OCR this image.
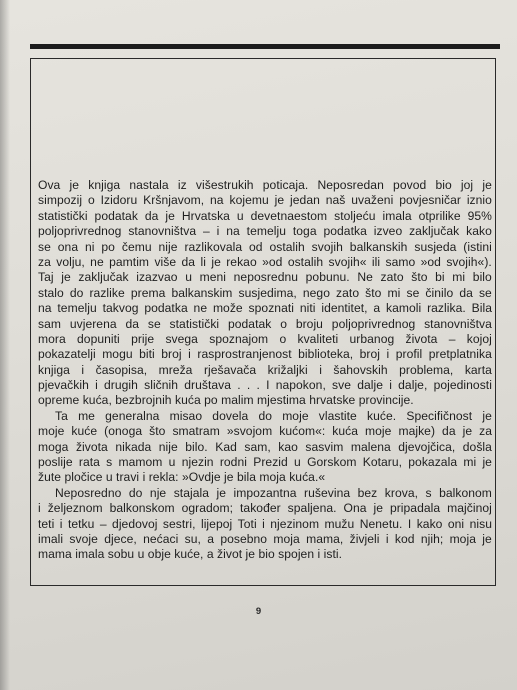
Ova je knjiga nastala iz višestrukih poticaja. Neposredan povod bio joj je
simpozij o Izidoru Kršnjavom, na kojemu je jedan naš uvaženi povjesničar iznio
statistički podatak da je Hrvatska u devetnaestom stoljeću imala otprilike 95%
poljoprivrednog stanovništva – i na temelju toga podatka izveo zaključak kako
se ona ni po čemu nije razlikovala od ostalih svojih balkanskih susjeda (istini
za volju, ne pamtim više da li je rekao »od ostalih svojih« ili samo »od svojih«).
Taj je zaključak izazvao u meni neposrednu pobunu. Ne zato što bi mi bilo
stalo do razlike prema balkanskim susjedima, nego zato što mi se činilo da se
na temelju takvog podatka ne može spoznati niti identitet, a kamoli razlika. Bila
sam uvjerena da se statistički podatak o broju poljoprivrednog stanovništva
mora dopuniti prije svega spoznajom o kvaliteti urbanog života – kojoj
pokazatelji mogu biti broj i rasprostranjenost biblioteka, broj i profil pretplatnika
knjiga i časopisa, mreža rješavača križaljki i šahovskih problema, karta
pjevačkih i drugih sličnih društava . . . I napokon, sve dalje i dalje, pojedinosti
opreme kuća, bezbrojnih kuća po malim mjestima hrvatske provincije.
Ta me generalna misao dovela do moje vlastite kuće. Specifičnost je
moje kuće (onoga što smatram »svojom kućom«: kuća moje majke) da je za
moga života nikada nije bilo. Kad sam, kao sasvim malena djevojčica, došla
poslije rata s mamom u njezin rodni Prezid u Gorskom Kotaru, pokazala mi je
žute pločice u travi i rekla: »Ovdje je bila moja kuća.«
Neposredno do nje stajala je impozantna ruševina bez krova, s balkonom
i željeznom balkonskom ogradom; također spaljena. Ona je pripadala majčinoj
teti i tetku – djedovoj sestri, lijepoj Toti i njezinom mužu Nenetu. I kako oni nisu
imali svoje djece, nećaci su, a posebno moja mama, živjeli i kod njih; moja je
mama imala sobu u obje kuće, a život je bio spojen i isti.
9
